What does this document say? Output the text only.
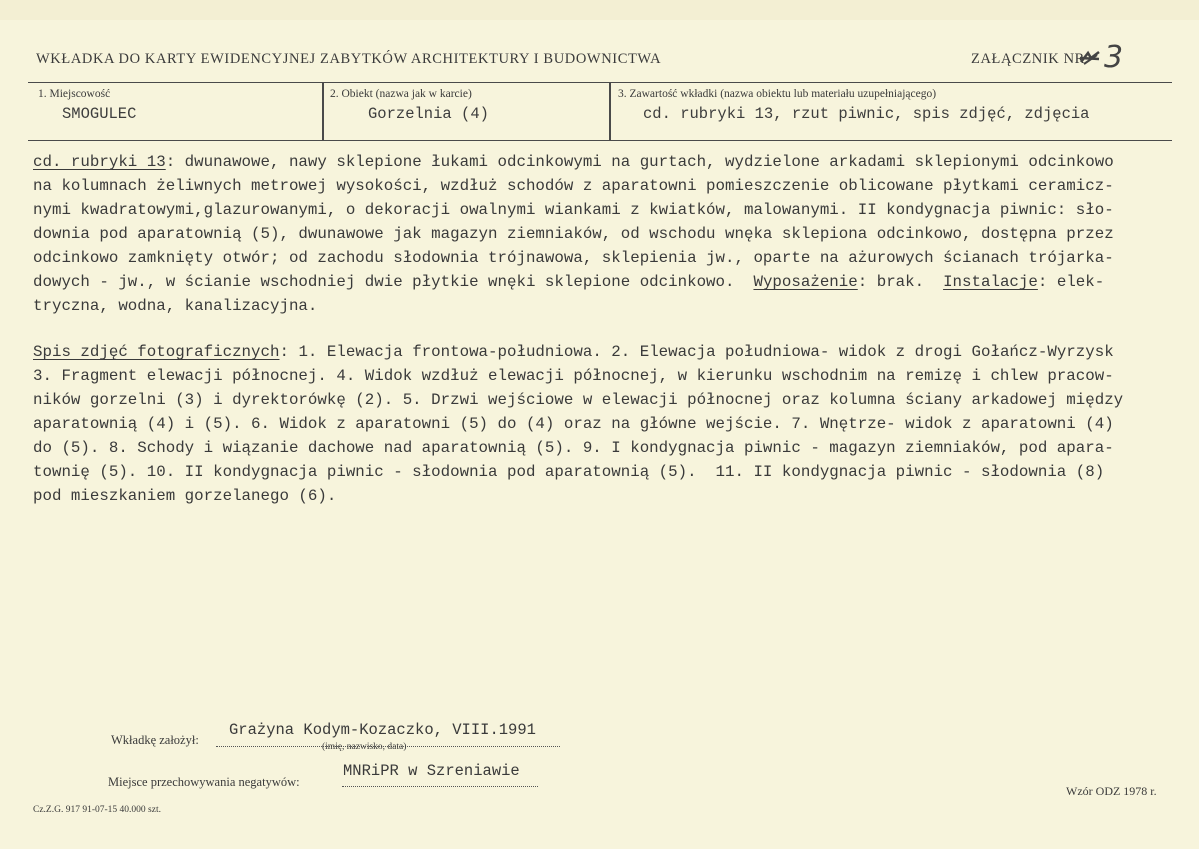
WKŁADKA DO KARTY EWIDENCYJNEJ ZABYTKÓW ARCHITEKTURY I BUDOWNICTWA	ZAŁĄCZNIK NR 3
1. Miejscowość
SMOGULEC
2. Obiekt (nazwa jak w karcie)
Gorzelnia (4)
3. Zawartość wkładki (nazwa obiektu lub materiału uzupełniającego)
cd. rubryki 13, rzut piwnic, spis zdjęć, zdjęcia
cd. rubryki 13: dwunawowe, nawy sklepione łukami odcinkowymi na gurtach, wydzielone arkadami sklepionymi odcinkowo
na kolumnach żeliwnych metrowej wysokości, wzdłuż schodów z aparatowni pomieszczenie oblicowane płytkami ceramicz-
nymi kwadratowymi,glazurowanymi, o dekoracji owalnymi wiankami z kwiatków, malowanymi. II kondygnacja piwnic: sło-
downia pod aparatownią (5), dwunawowe jak magazyn ziemniaków, od wschodu wnęka sklepiona odcinkowo, dostępna przez
odcinkowo zamknięty otwór; od zachodu słodownia trójnawowa, sklepienia jw., oparte na ażurowych ścianach trójarka-
dowych - jw., w ścianie wschodniej dwie płytkie wnęki sklepione odcinkowo.  Wyposażenie: brak.  Instalacje: elek-
tryczna, wodna, kanalizacyjna.
Spis zdjęć fotograficznych: 1. Elewacja frontowa-południowa. 2. Elewacja południowa- widok z drogi Gołańcz-Wyrzysk
3. Fragment elewacji północnej. 4. Widok wzdłuż elewacji północnej, w kierunku wschodnim na remizę i chlew pracow-
ników gorzelni (3) i dyrektorówkę (2). 5. Drzwi wejściowe w elewacji północnej oraz kolumna ściany arkadowej między
aparatownią (4) i (5). 6. Widok z aparatowni (5) do (4) oraz na główne wejście. 7. Wnętrze- widok z aparatowni (4)
do (5). 8. Schody i wiązanie dachowe nad aparatownią (5). 9. I kondygnacja piwnic - magazyn ziemniaków, pod apara-
townię (5). 10. II kondygnacja piwnic - słodownia pod aparatownią (5).  11. II kondygnacja piwnic - słodownia (8)
pod mieszkaniem gorzelanego (6).
Wkładkę założył:
Grażyna Kodym-Kozaczko, VIII.1991
(imię, nazwisko, data)
Miejsce przechowywania negatywów:
MNRiPR w Szreniawie
Wzór ODZ 1978 r.
Cz.Z.G. 917 91-07-15 40.000 szt.
